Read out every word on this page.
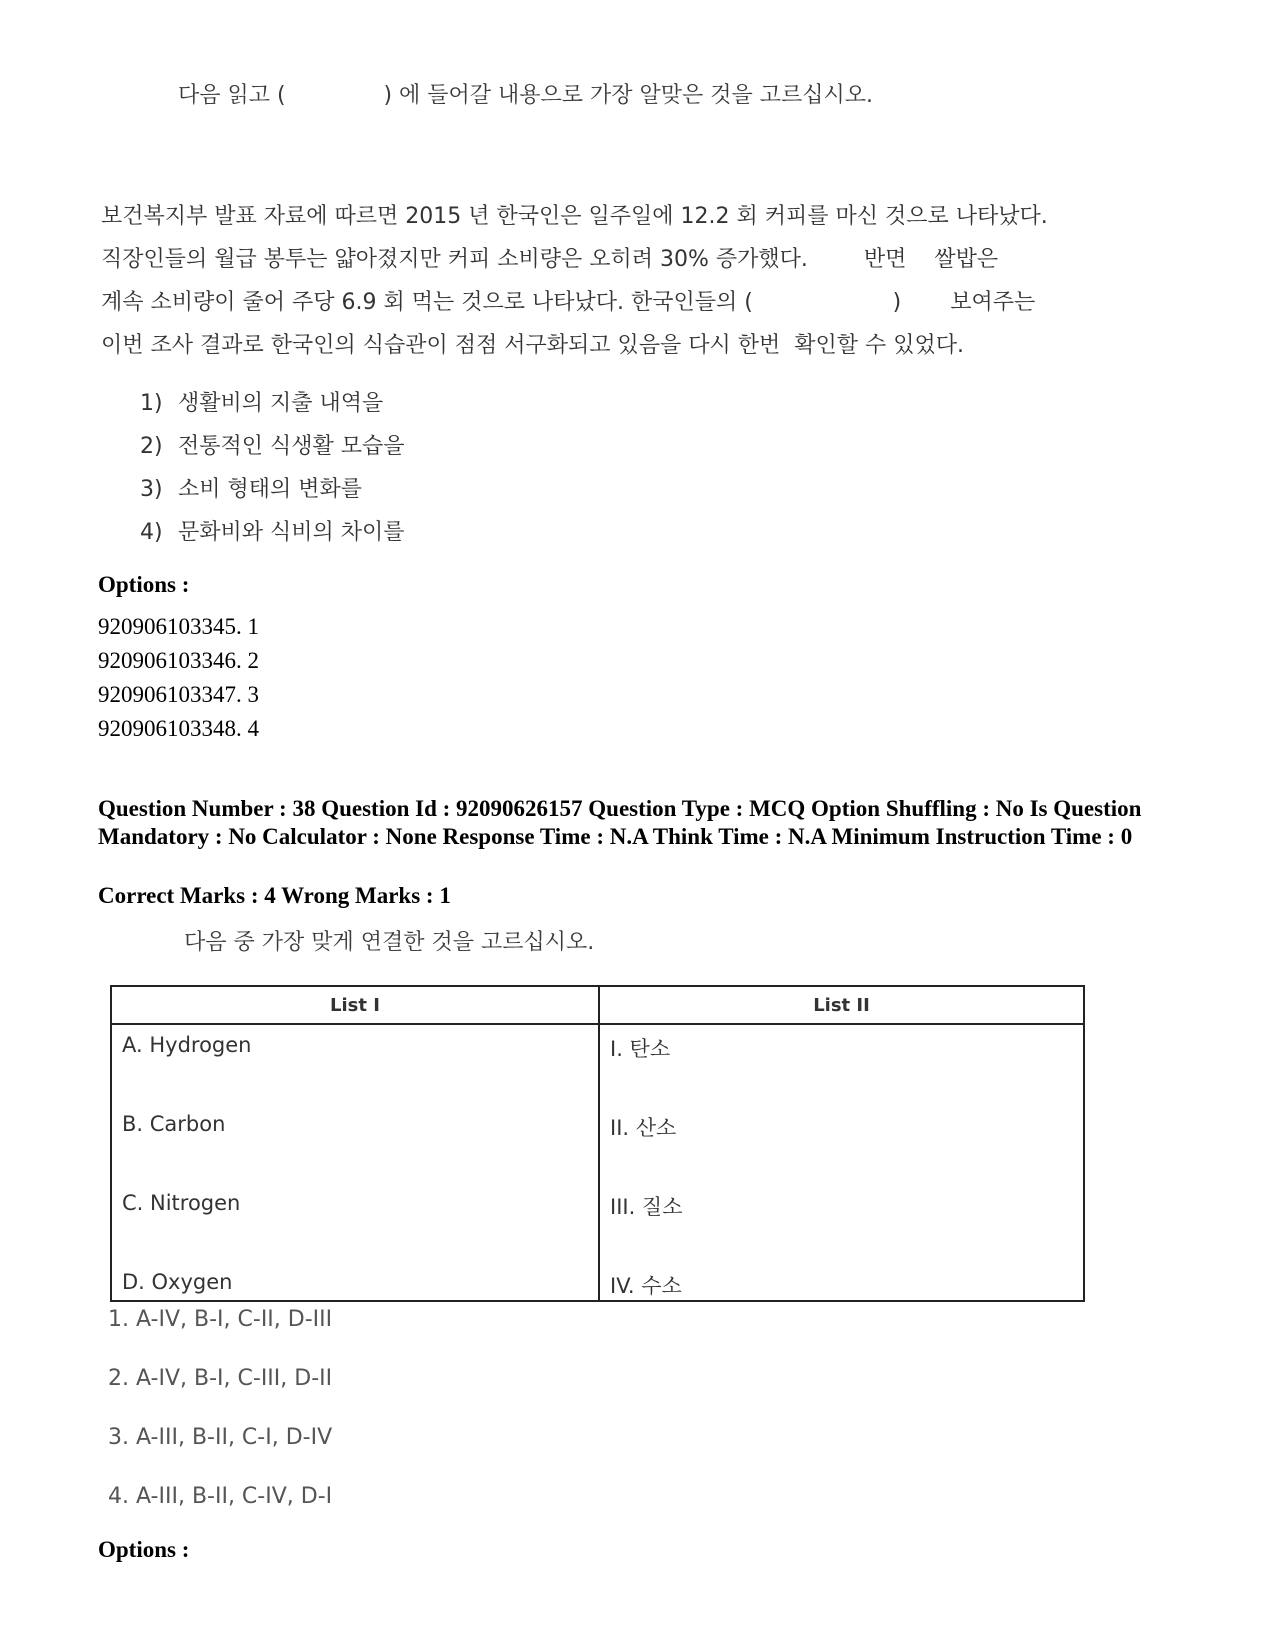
다음 읽고 (              ) 에 들어갈 내용으로 가장 알맞은 것을 고르십시오.
보건복지부 발표 자료에 따르면 2015 년 한국인은 일주일에 12.2 회 커피를 마신 것으로 나타났다.
직장인들의 월급 봉투는 얇아졌지만 커피 소비량은 오히려 30% 증가했다.        반면    쌀밥은
계속 소비량이 줄어 주당 6.9 회 먹는 것으로 나타났다. 한국인들의 (                    )       보여주는
이번 조사 결과로 한국인의 식습관이 점점 서구화되고 있음을 다시 한번  확인할 수 있었다.
1) 생활비의 지출 내역을
2) 전통적인 식생활 모습을
3) 소비 형태의 변화를
4) 문화비와 식비의 차이를
Options :
920906103345. 1
920906103346. 2
920906103347. 3
920906103348. 4
Question Number : 38 Question Id : 92090626157 Question Type : MCQ Option Shuffling : No Is Question Mandatory : No Calculator : None Response Time : N.A Think Time : N.A Minimum Instruction Time : 0
Correct Marks : 4 Wrong Marks : 1
다음 중 가장 맞게 연결한 것을 고르십시오.
List I	List II
A. Hydrogen	I. 탄소
B. Carbon	II. 산소
C. Nitrogen	III. 질소
D. Oxygen	IV. 수소
1. A-IV, B-I, C-II, D-III
2. A-IV, B-I, C-III, D-II
3. A-III, B-II, C-I, D-IV
4. A-III, B-II, C-IV, D-I
Options :
